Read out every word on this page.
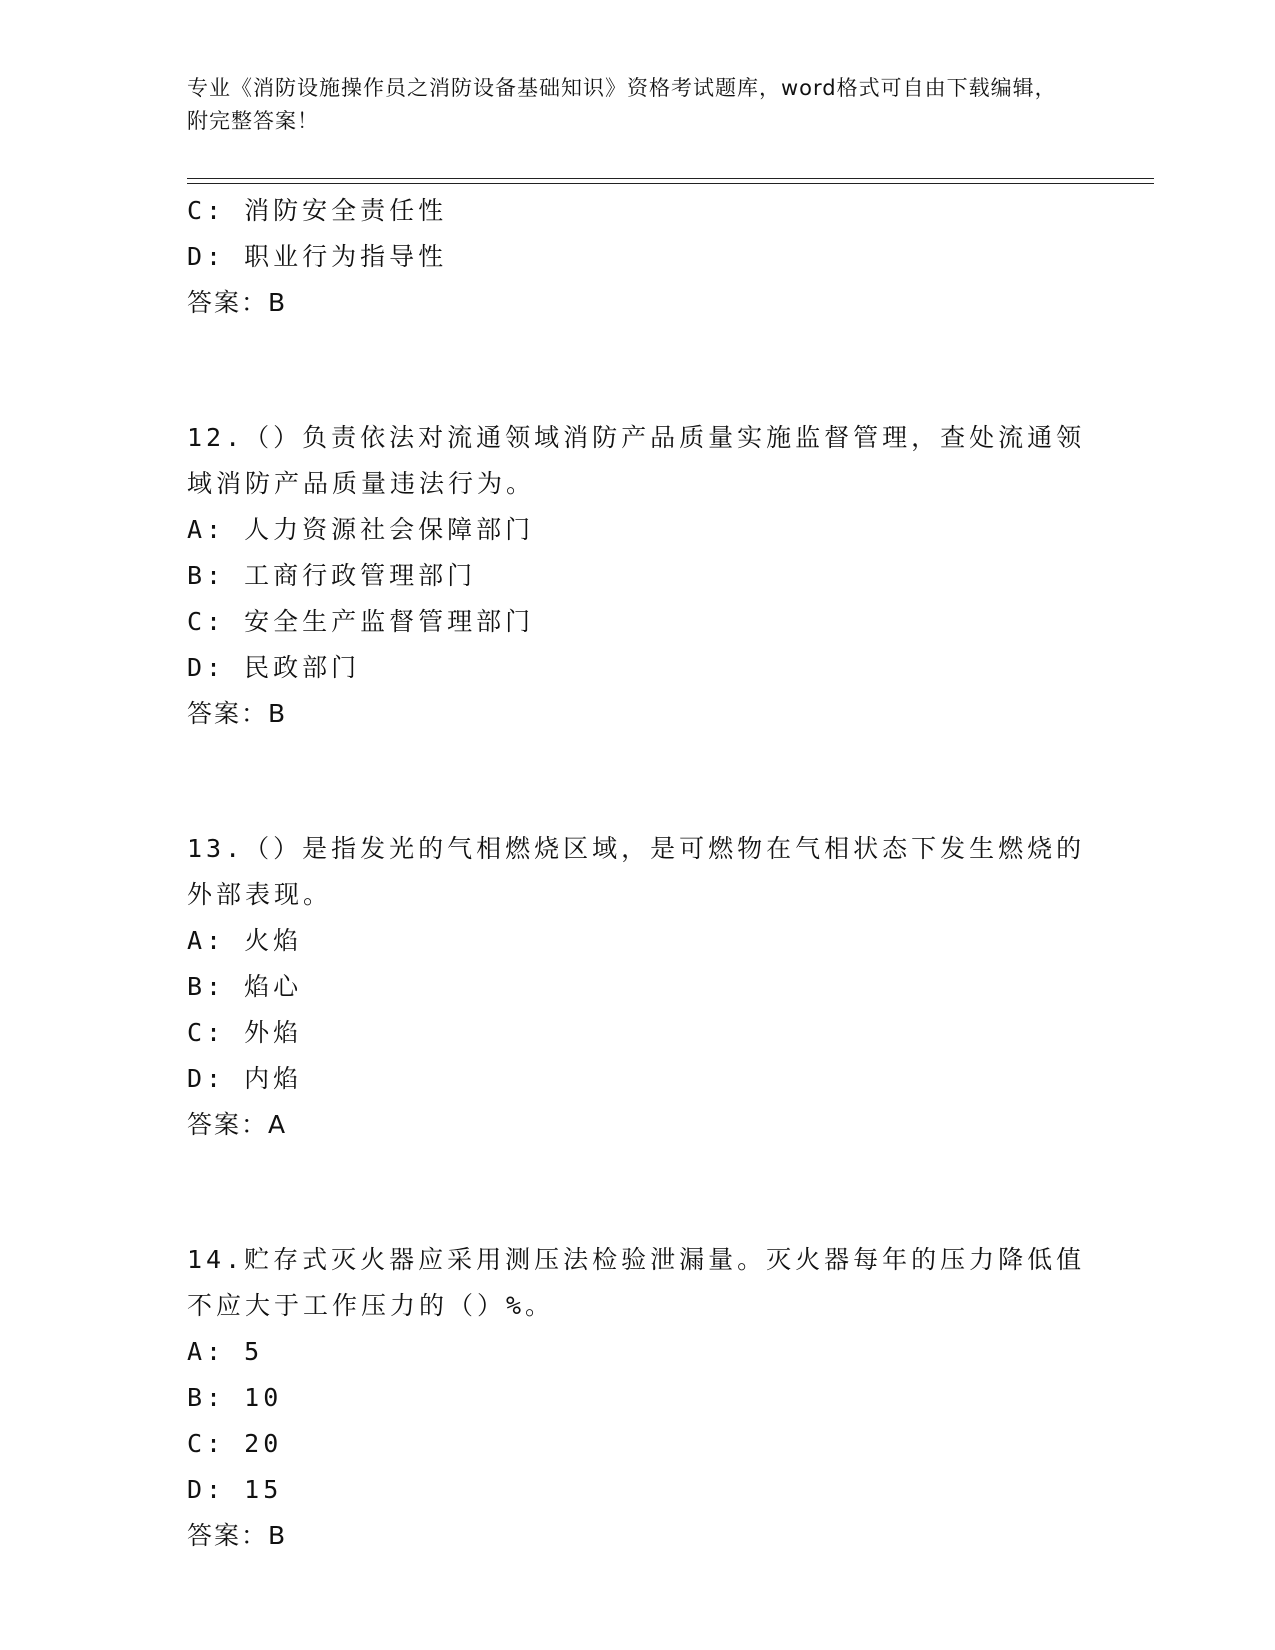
专业《消防设施操作员之消防设备基础知识》资格考试题库，word格式可自由下载编辑，附完整答案！
C: 消防安全责任性
D: 职业行为指导性
答案：B
12.（）负责依法对流通领域消防产品质量实施监督管理，查处流通领
域消防产品质量违法行为。
A: 人力资源社会保障部门
B: 工商行政管理部门
C: 安全生产监督管理部门
D: 民政部门
答案：B
13.（）是指发光的气相燃烧区域，是可燃物在气相状态下发生燃烧的
外部表现。
A: 火焰
B: 焰心
C: 外焰
D: 内焰
答案：A
14.贮存式灭火器应采用测压法检验泄漏量。灭火器每年的压力降低值
不应大于工作压力的（）%。
A: 5
B: 10
C: 20
D: 15
答案：B
